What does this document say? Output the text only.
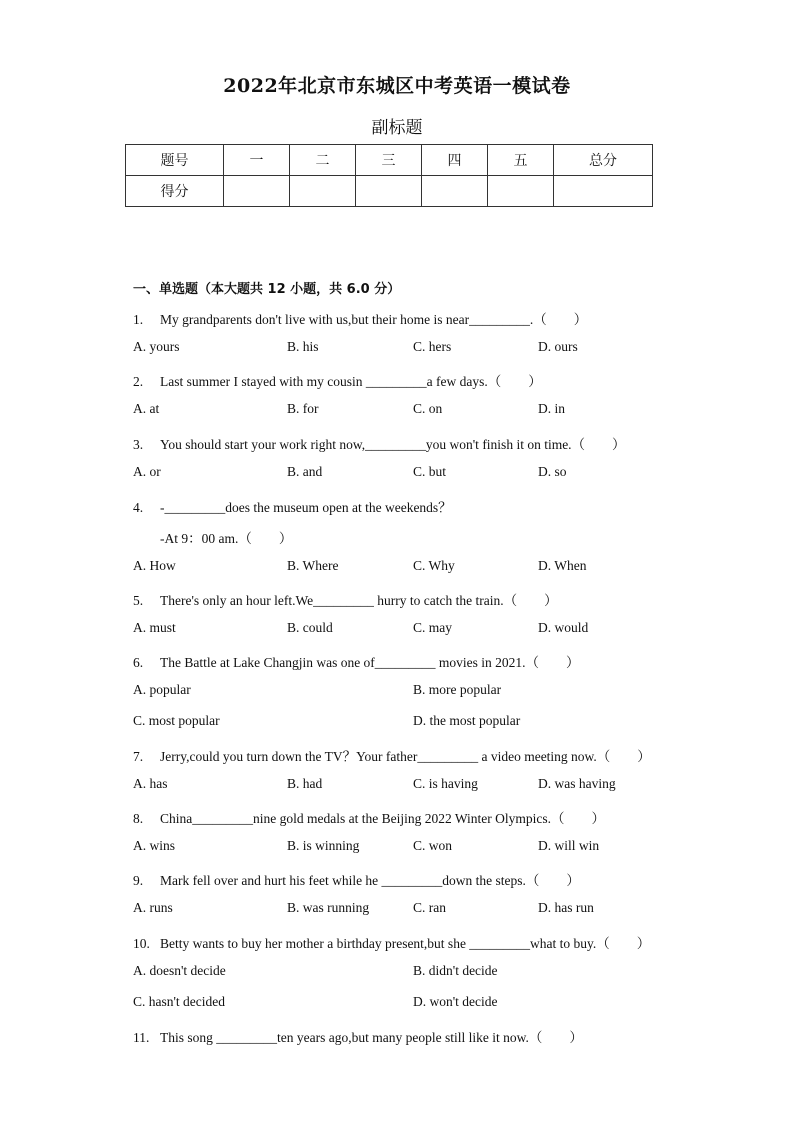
2022年北京市东城区中考英语一模试卷
副标题
题号	一	二	三	四	五	总分
得分						
一、单选题（本大题共 12 小题，共 6.0 分）
1. My grandparents don't live with us,but their home is near_________.（　　）
A. yours	B. his	C. hers	D. ours
2. Last summer I stayed with my cousin _________a few days.（　　）
A. at	B. for	C. on	D. in
3. You should start your work right now,_________you won't finish it on time.（　　）
A. or	B. and	C. but	D. so
4. -_________does the museum open at the weekends？
-At 9：00 am.（　　）
A. How	B. Where	C. Why	D. When
5. There's only an hour left.We_________ hurry to catch the train.（　　）
A. must	B. could	C. may	D. would
6. The Battle at Lake Changjin was one of_________ movies in 2021.（　　）
A. popular	B. more popular
C. most popular	D. the most popular
7. Jerry,could you turn down the TV？Your father_________ a video meeting now.（　　）
A. has	B. had	C. is having	D. was having
8. China_________nine gold medals at the Beijing 2022 Winter Olympics.（　　）
A. wins	B. is winning	C. won	D. will win
9. Mark fell over and hurt his feet while he _________down the steps.（　　）
A. runs	B. was running	C. ran	D. has run
10. Betty wants to buy her mother a birthday present,but she _________what to buy.（　　）
A. doesn't decide	B. didn't decide
C. hasn't decided	D. won't decide
11. This song _________ten years ago,but many people still like it now.（　　）
